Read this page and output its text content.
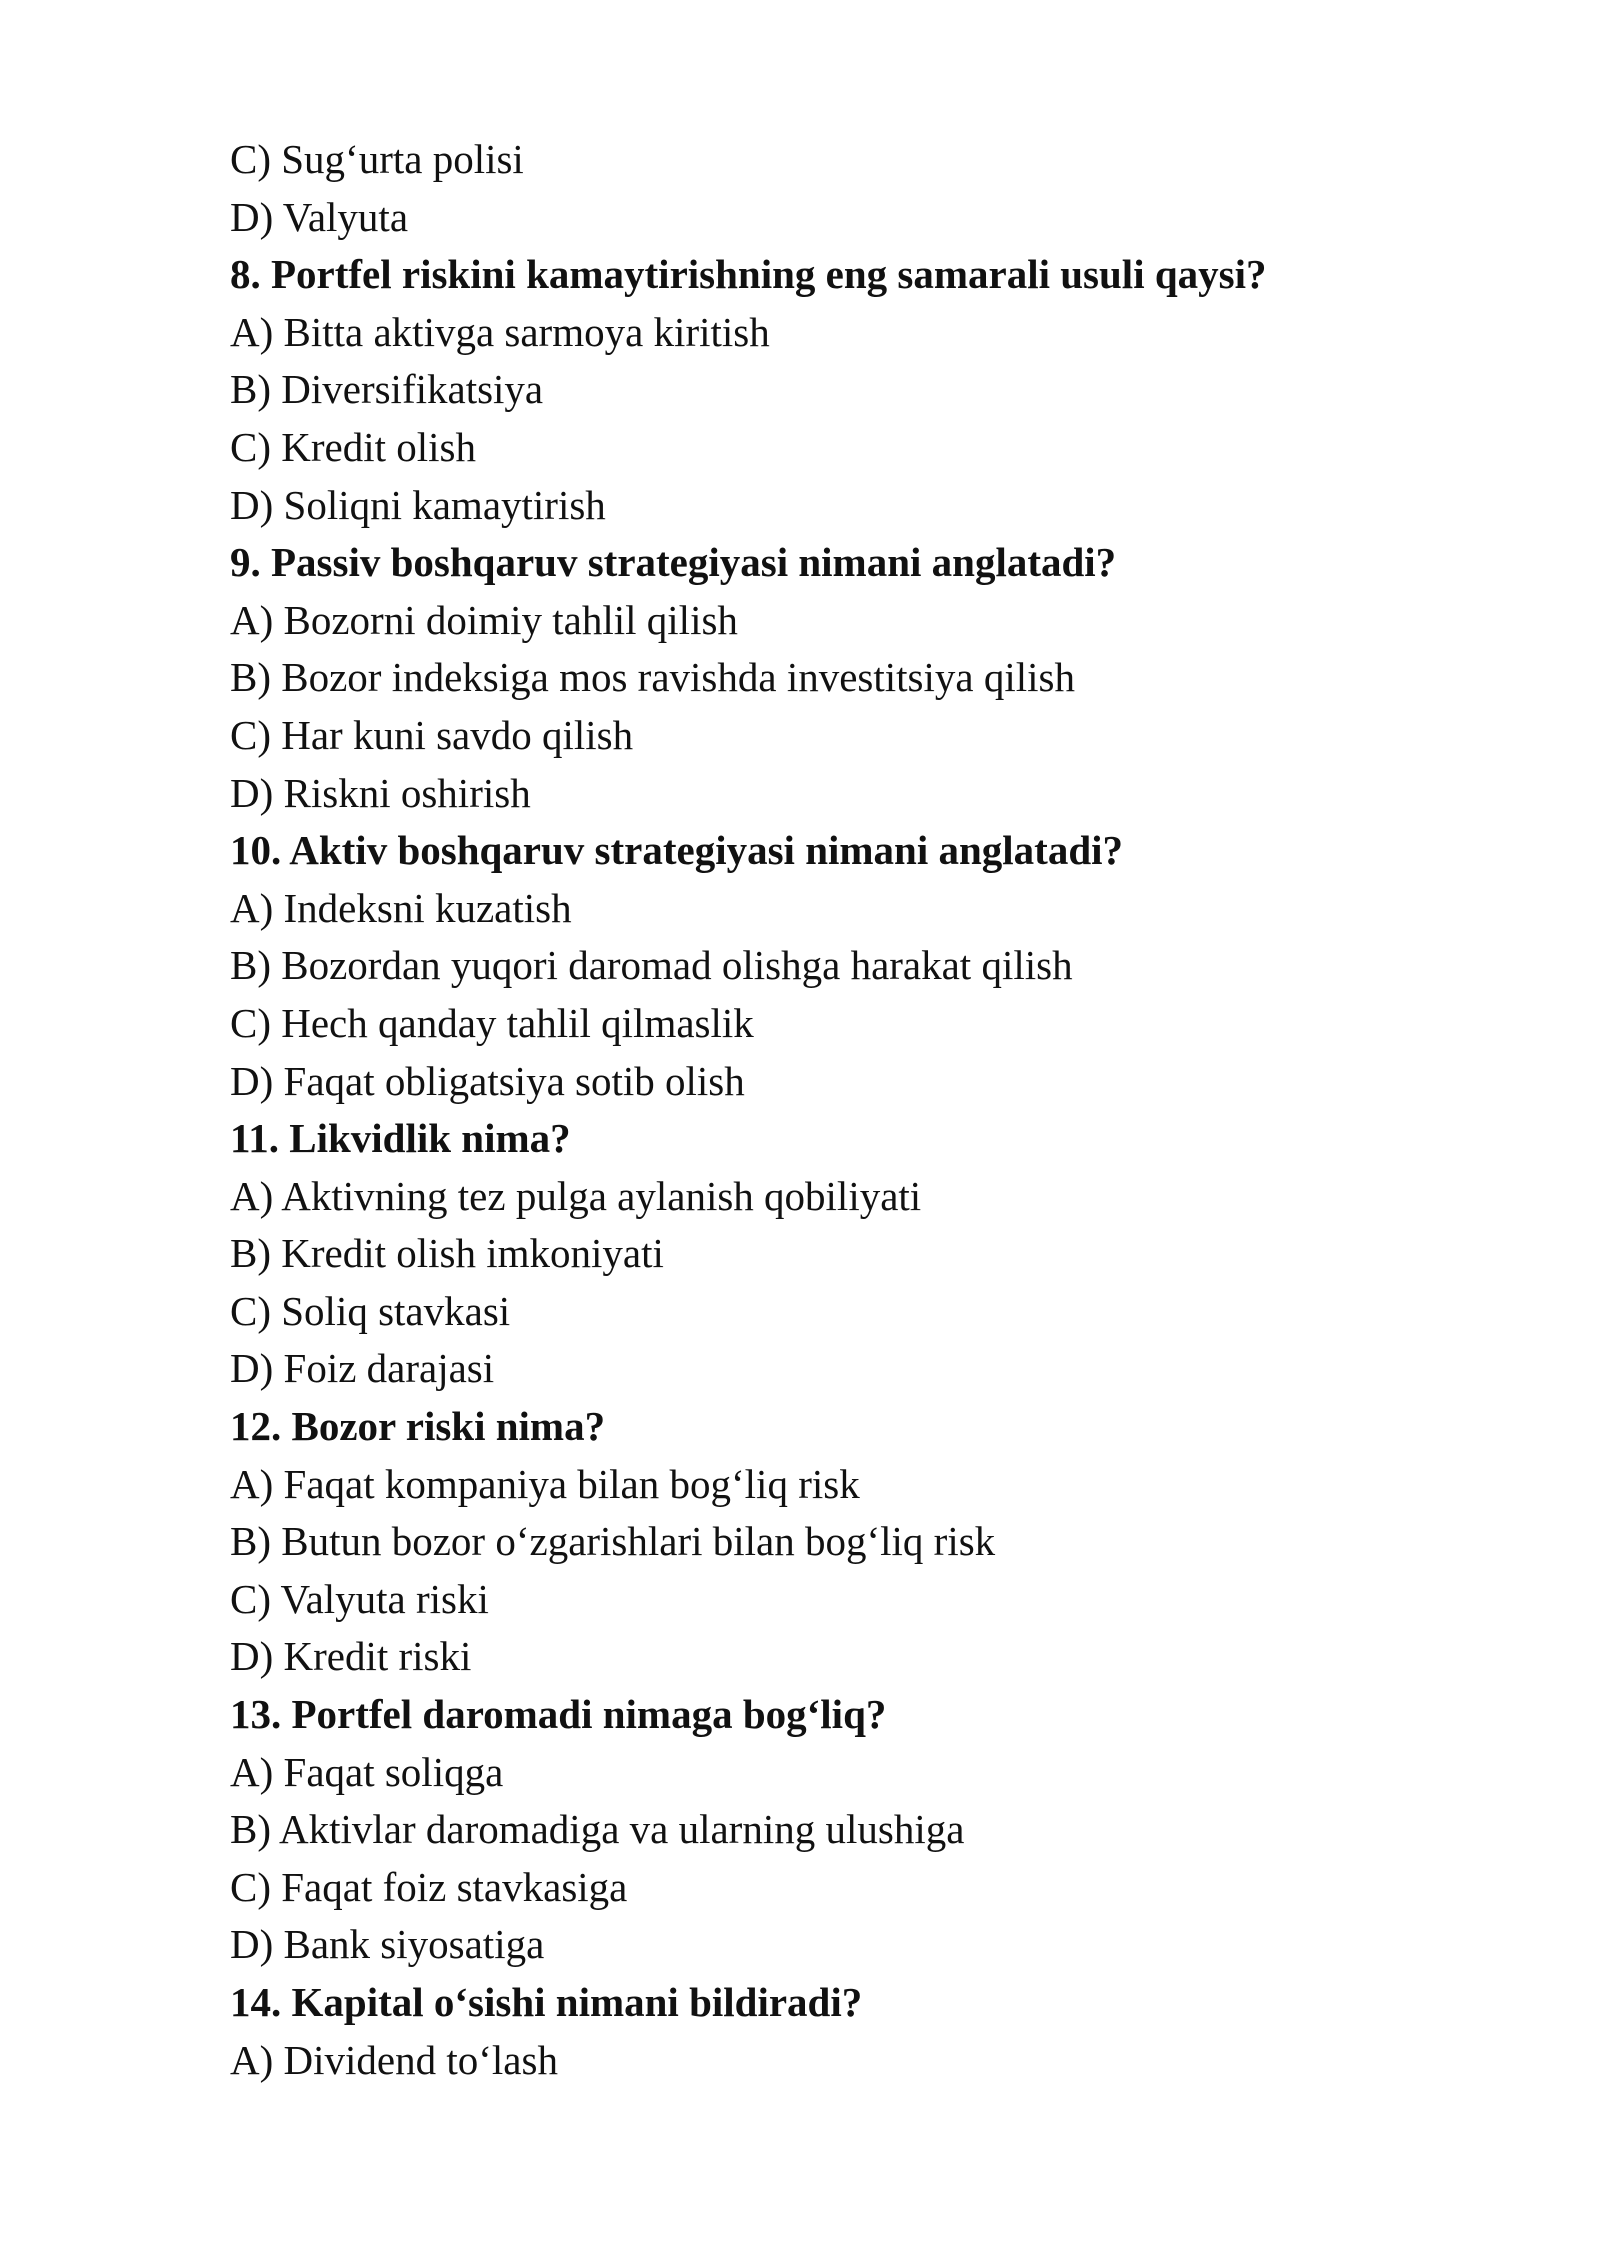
C) Sug‘urta polisi
D) Valyuta
8. Portfel riskini kamaytirishning eng samarali usuli qaysi?
A) Bitta aktivga sarmoya kiritish
B) Diversifikatsiya
C) Kredit olish
D) Soliqni kamaytirish
9. Passiv boshqaruv strategiyasi nimani anglatadi?
A) Bozorni doimiy tahlil qilish
B) Bozor indeksiga mos ravishda investitsiya qilish
C) Har kuni savdo qilish
D) Riskni oshirish
10. Aktiv boshqaruv strategiyasi nimani anglatadi?
A) Indeksni kuzatish
B) Bozordan yuqori daromad olishga harakat qilish
C) Hech qanday tahlil qilmaslik
D) Faqat obligatsiya sotib olish
11. Likvidlik nima?
A) Aktivning tez pulga aylanish qobiliyati
B) Kredit olish imkoniyati
C) Soliq stavkasi
D) Foiz darajasi
12. Bozor riski nima?
A) Faqat kompaniya bilan bog‘liq risk
B) Butun bozor o‘zgarishlari bilan bog‘liq risk
C) Valyuta riski
D) Kredit riski
13. Portfel daromadi nimaga bog‘liq?
A) Faqat soliqga
B) Aktivlar daromadiga va ularning ulushiga
C) Faqat foiz stavkasiga
D) Bank siyosatiga
14. Kapital o‘sishi nimani bildiradi?
A) Dividend to‘lash
